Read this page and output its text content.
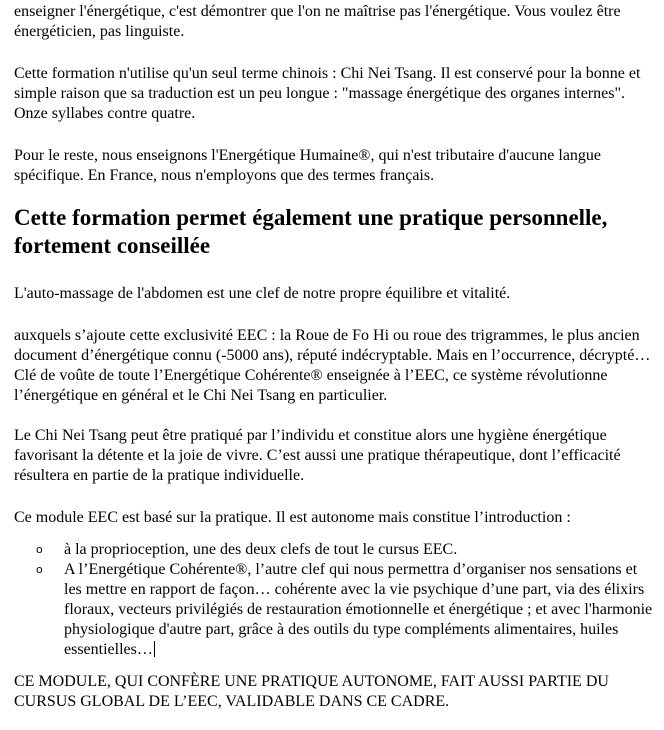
enseigner l'énergétique, c'est démontrer que l'on ne maîtrise pas l'énergétique. Vous voulez être énergéticien, pas linguiste.

Cette formation n'utilise qu'un seul terme chinois : Chi Nei Tsang. Il est conservé pour la bonne et simple raison que sa traduction est un peu longue : "massage énergétique des organes internes". Onze syllabes contre quatre.

Pour le reste, nous enseignons l'Energétique Humaine®, qui n'est tributaire d'aucune langue spécifique. En France, nous n'employons que des termes français.

Cette formation permet également une pratique personnelle, fortement conseillée

L'auto-massage de l'abdomen est une clef de notre propre équilibre et vitalité.

auxquels s’ajoute cette exclusivité EEC : la Roue de Fo Hi ou roue des trigrammes, le plus ancien document d’énergétique connu (-5000 ans), réputé indécryptable. Mais en l’occurrence, décrypté… Clé de voûte de toute l’Energétique Cohérente® enseignée à l’EEC, ce système révolutionne l’énergétique en général et le Chi Nei Tsang en particulier.

Le Chi Nei Tsang peut être pratiqué par l’individu et constitue alors une hygiène énergétique favorisant la détente et la joie de vivre. C’est aussi une pratique thérapeutique, dont l’efficacité résultera en partie de la pratique individuelle.

Ce module EEC est basé sur la pratique. Il est autonome mais constitue l’introduction :

o à la proprioception, une des deux clefs de tout le cursus EEC.
o A l’Energétique Cohérente®, l’autre clef qui nous permettra d’organiser nos sensations et les mettre en rapport de façon… cohérente avec la vie psychique d’une part, via des élixirs floraux, vecteurs privilégiés de restauration émotionnelle et énergétique ; et avec l'harmonie physiologique d'autre part, grâce à des outils du type compléments alimentaires, huiles essentielles…

CE MODULE, QUI CONFÈRE UNE PRATIQUE AUTONOME, FAIT AUSSI PARTIE DU CURSUS GLOBAL DE L’EEC, VALIDABLE DANS CE CADRE.
